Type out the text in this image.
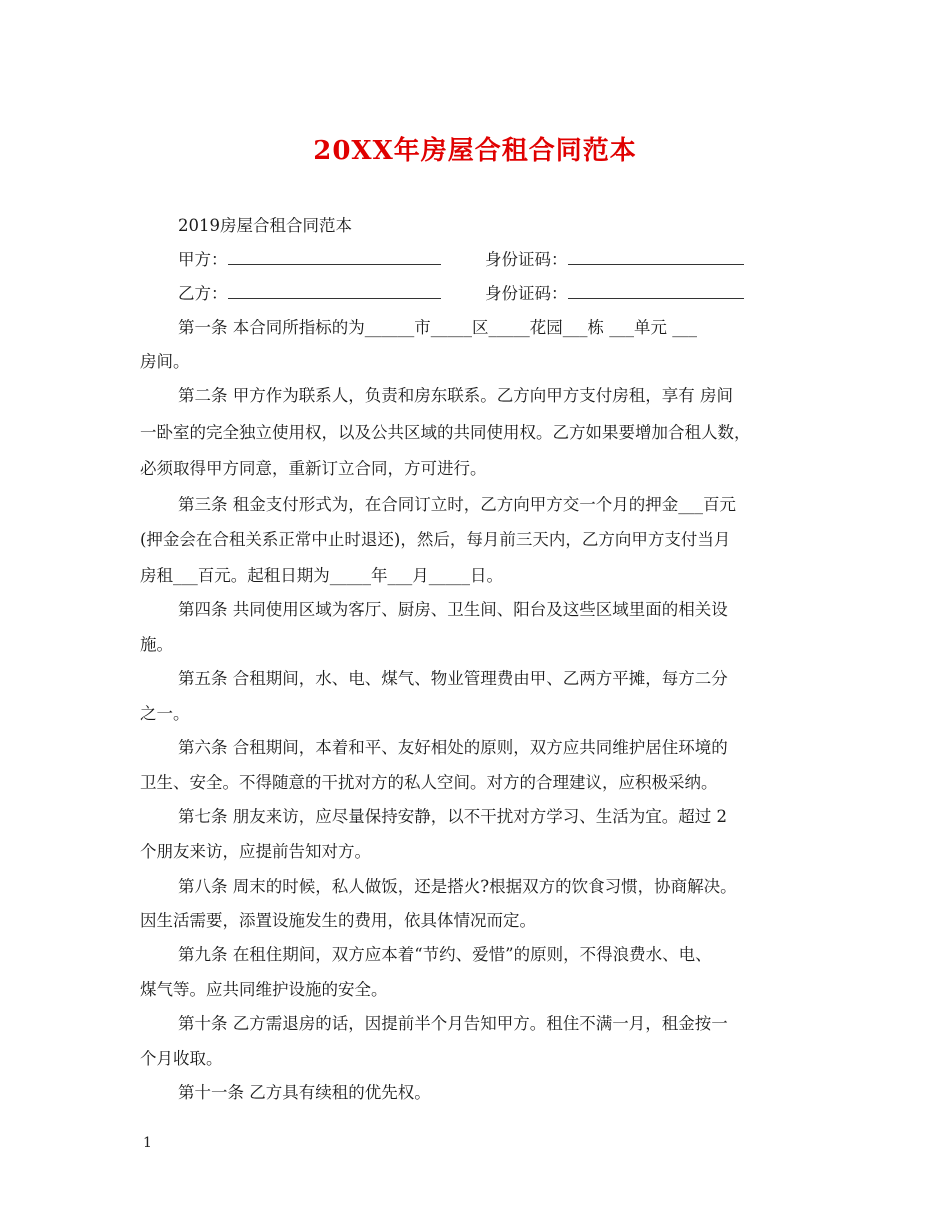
20XX年房屋合租合同范本
2019房屋合租合同范本
甲方：	身份证码：
乙方：	身份证码：
第一条 本合同所指标的为______市_____区_____花园___栋 ___单元 ___
房间。
第二条 甲方作为联系人，负责和房东联系。乙方向甲方支付房租，享有 房间
一卧室的完全独立使用权，以及公共区域的共同使用权。乙方如果要增加合租人数，
必须取得甲方同意，重新订立合同，方可进行。
第三条 租金支付形式为，在合同订立时，乙方向甲方交一个月的押金___百元
(押金会在合租关系正常中止时退还)，然后，每月前三天内，乙方向甲方支付当月
房租___百元。起租日期为_____年___月_____日。
第四条 共同使用区域为客厅、厨房、卫生间、阳台及这些区域里面的相关设
施。
第五条 合租期间，水、电、煤气、物业管理费由甲、乙两方平摊，每方二分
之一。
第六条 合租期间，本着和平、友好相处的原则，双方应共同维护居住环境的
卫生、安全。不得随意的干扰对方的私人空间。对方的合理建议，应积极采纳。
第七条 朋友来访，应尽量保持安静，以不干扰对方学习、生活为宜。超过 2
个朋友来访，应提前告知对方。
第八条 周末的时候，私人做饭，还是搭火?根据双方的饮食习惯，协商解决。
因生活需要，添置设施发生的费用，依具体情况而定。
第九条 在租住期间，双方应本着“节约、爱惜”的原则，不得浪费水、电、
煤气等。应共同维护设施的安全。
第十条 乙方需退房的话，因提前半个月告知甲方。租住不满一月，租金按一
个月收取。
第十一条 乙方具有续租的优先权。
1
